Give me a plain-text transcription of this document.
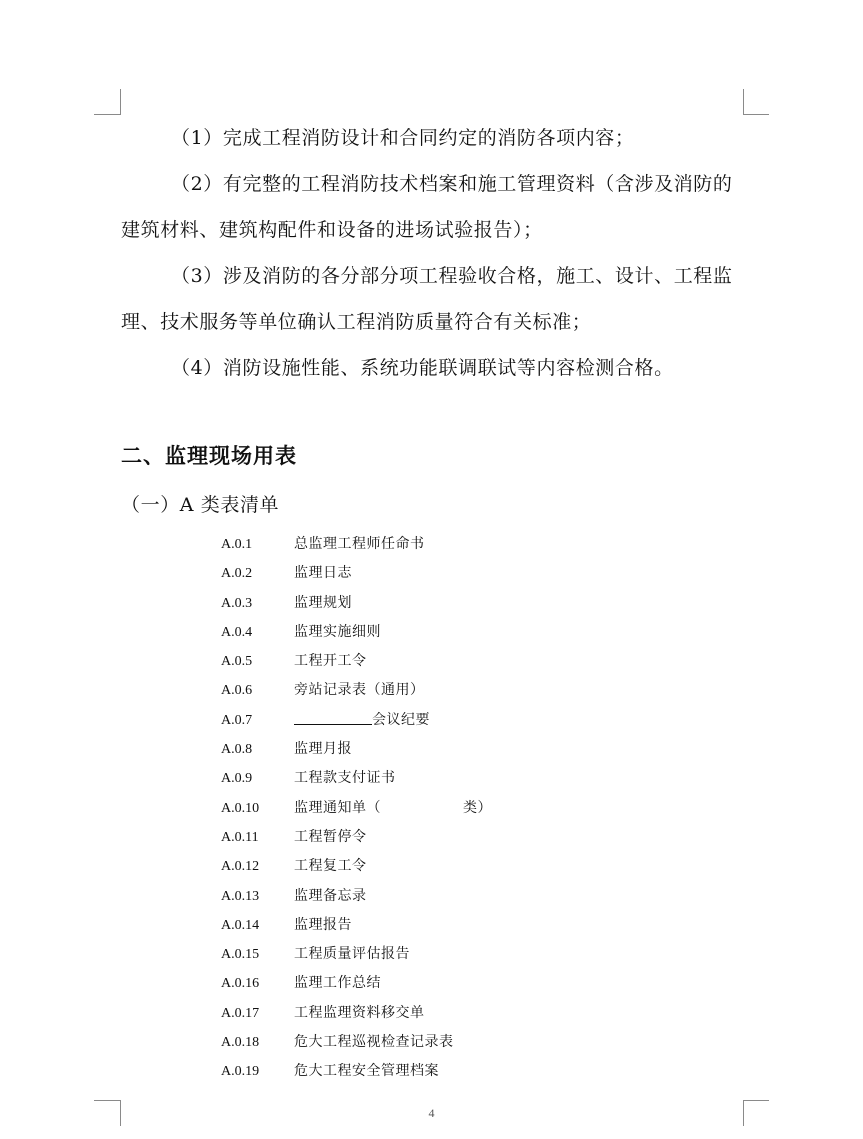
（1）完成工程消防设计和合同约定的消防各项内容；
（2）有完整的工程消防技术档案和施工管理资料（含涉及消防的建筑材料、建筑构配件和设备的进场试验报告）；
（3）涉及消防的各分部分项工程验收合格，施工、设计、工程监理、技术服务等单位确认工程消防质量符合有关标准；
（4）消防设施性能、系统功能联调联试等内容检测合格。
二、监理现场用表
（一）A 类表清单
A.0.1	总监理工程师任命书
A.0.2	监理日志
A.0.3	监理规划
A.0.4	监理实施细则
A.0.5	工程开工令
A.0.6	旁站记录表（通用）
A.0.7	会议纪要
A.0.8	监理月报
A.0.9	工程款支付证书
A.0.10 监理通知单（	类）
A.0.11	工程暂停令
A.0.12 工程复工令
A.0.13 监理备忘录
A.0.14 监理报告
A.0.15 工程质量评估报告
A.0.16 监理工作总结
A.0.17 工程监理资料移交单
A.0.18 危大工程巡视检查记录表
A.0.19 危大工程安全管理档案
4
